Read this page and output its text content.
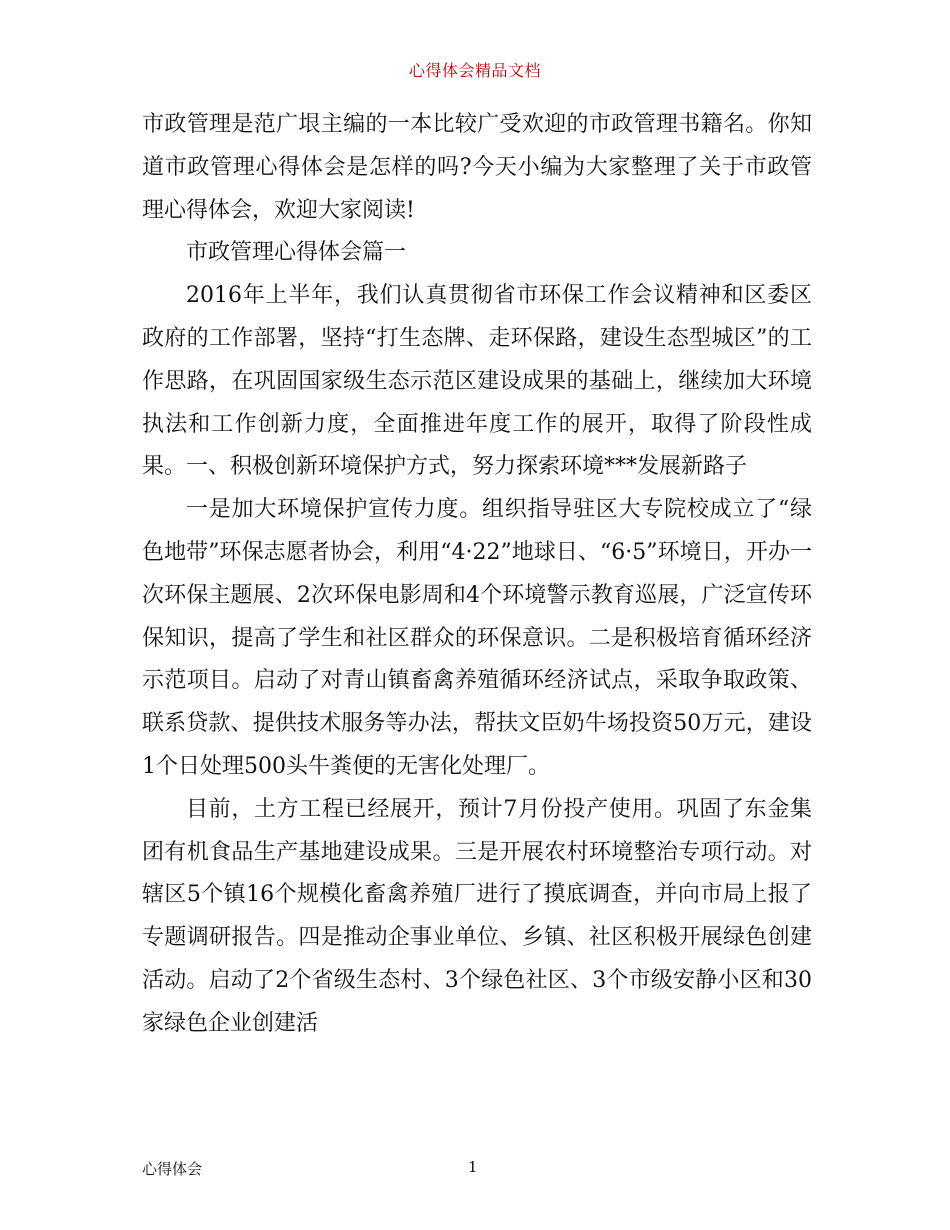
心得体会精品文档

市政管理是范广垠主编的一本比较广受欢迎的市政管理书籍名。你知道市政管理心得体会是怎样的吗?今天小编为大家整理了关于市政管理心得体会，欢迎大家阅读!

市政管理心得体会篇一

2016年上半年，我们认真贯彻省市环保工作会议精神和区委区政府的工作部署，坚持“打生态牌、走环保路，建设生态型城区”的工作思路，在巩固国家级生态示范区建设成果的基础上，继续加大环境执法和工作创新力度，全面推进年度工作的展开，取得了阶段性成果。一、积极创新环境保护方式，努力探索环境***发展新路子

一是加大环境保护宣传力度。组织指导驻区大专院校成立了“绿色地带”环保志愿者协会，利用“4·22”地球日、“6·5”环境日，开办一次环保主题展、2次环保电影周和4个环境警示教育巡展，广泛宣传环保知识，提高了学生和社区群众的环保意识。二是积极培育循环经济示范项目。启动了对青山镇畜禽养殖循环经济试点，采取争取政策、联系贷款、提供技术服务等办法，帮扶文臣奶牛场投资50万元，建设1个日处理500头牛粪便的无害化处理厂。

目前，土方工程已经展开，预计7月份投产使用。巩固了东金集团有机食品生产基地建设成果。三是开展农村环境整治专项行动。对辖区5个镇16个规模化畜禽养殖厂进行了摸底调查，并向市局上报了专题调研报告。四是推动企事业单位、乡镇、社区积极开展绿色创建活动。启动了2个省级生态村、3个绿色社区、3个市级安静小区和30家绿色企业创建活

心得体会	1
